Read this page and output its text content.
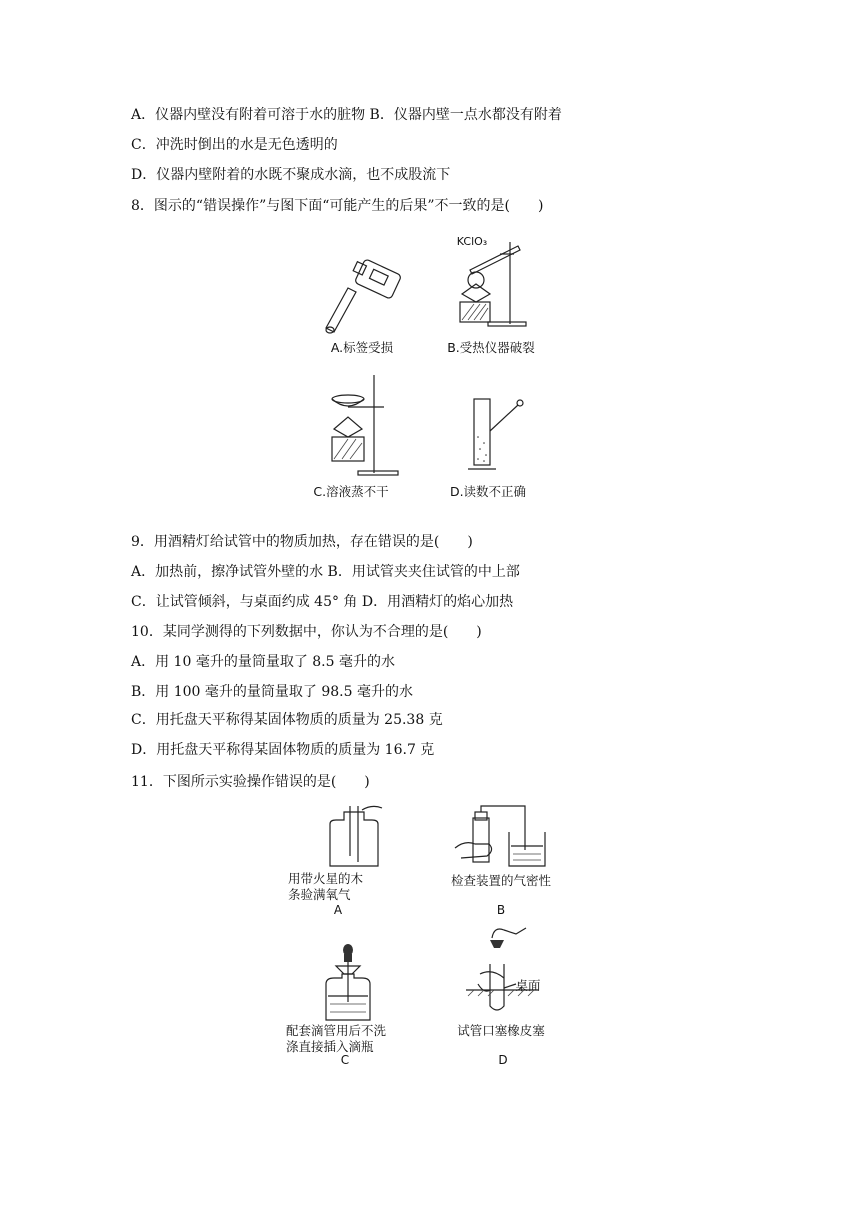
A．仪器内壁没有附着可溶于水的脏物 B．仪器内壁一点水都没有附着
C．冲洗时倒出的水是无色透明的
D．仪器内壁附着的水既不聚成水滴，也不成股流下
8．图示的“错误操作”与图下面“可能产生的后果”不一致的是(　　)
A.标签受损
KClO₃
B.受热仪器破裂
C.溶液蒸不干	D.读数不正确
9．用酒精灯给试管中的物质加热，存在错误的是(　　)
A．加热前，擦净试管外壁的水 B．用试管夹夹住试管的中上部
C．让试管倾斜，与桌面约成 45° 角 D．用酒精灯的焰心加热
10．某同学测得的下列数据中，你认为不合理的是(　　)
A．用 10 毫升的量筒量取了 8.5 毫升的水
B．用 100 毫升的量筒量取了 98.5 毫升的水
C．用托盘天平称得某固体物质的质量为 25.38 克
D．用托盘天平称得某固体物质的质量为 16.7 克
11．下图所示实验操作错误的是(　　)
用带火星的木
条验满氧气
A
检查装置的气密性
B
配套滴管用后不洗
涤直接插入滴瓶
C
桌面
试管口塞橡皮塞
D
